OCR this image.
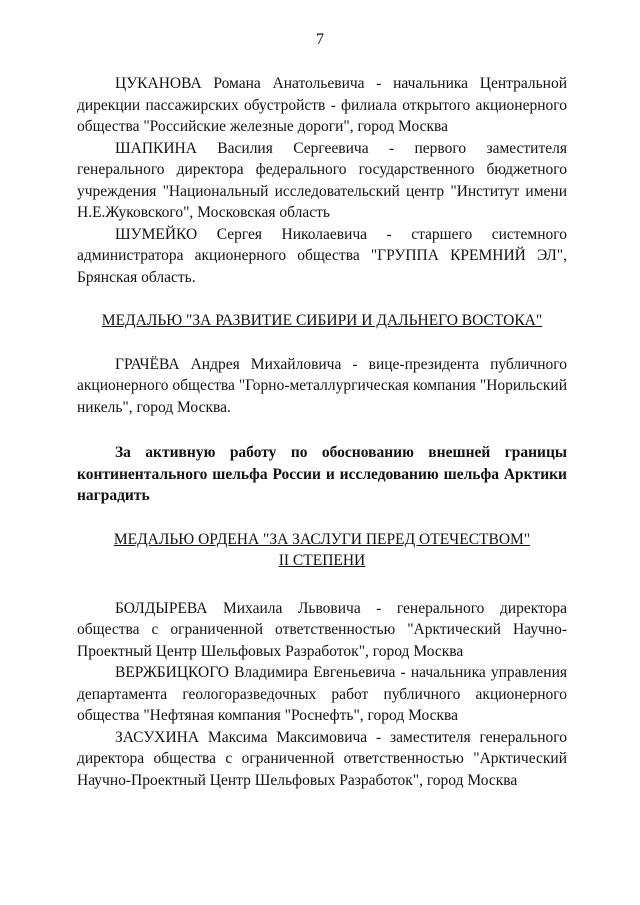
7

ЦУКАНОВА Романа Анатольевича - начальника Центральной дирекции пассажирских обустройств - филиала открытого акционерного общества "Российские железные дороги", город Москва

ШАПКИНА Василия Сергеевича - первого заместителя генерального директора федерального государственного бюджетного учреждения "Национальный исследовательский центр "Институт имени Н.Е.Жуковского", Московская область

ШУМЕЙКО Сергея Николаевича - старшего системного администратора акционерного общества "ГРУППА КРЕМНИЙ ЭЛ", Брянская область.

МЕДАЛЬЮ "ЗА РАЗВИТИЕ СИБИРИ И ДАЛЬНЕГО ВОСТОКА"

ГРАЧЁВА Андрея Михайловича - вице-президента публичного акционерного общества "Горно-металлургическая компания "Норильский никель", город Москва.

За активную работу по обоснованию внешней границы континентального шельфа России и исследованию шельфа Арктики наградить

МЕДАЛЬЮ ОРДЕНА "ЗА ЗАСЛУГИ ПЕРЕД ОТЕЧЕСТВОМ"

II СТЕПЕНИ

БОЛДЫРЕВА Михаила Львовича - генерального директора общества с ограниченной ответственностью "Арктический Научно-Проектный Центр Шельфовых Разработок", город Москва

ВЕРЖБИЦКОГО Владимира Евгеньевича - начальника управления департамента геологоразведочных работ публичного акционерного общества "Нефтяная компания "Роснефть", город Москва

ЗАСУХИНА Максима Максимовича - заместителя генерального директора общества с ограниченной ответственностью "Арктический Научно-Проектный Центр Шельфовых Разработок", город Москва
